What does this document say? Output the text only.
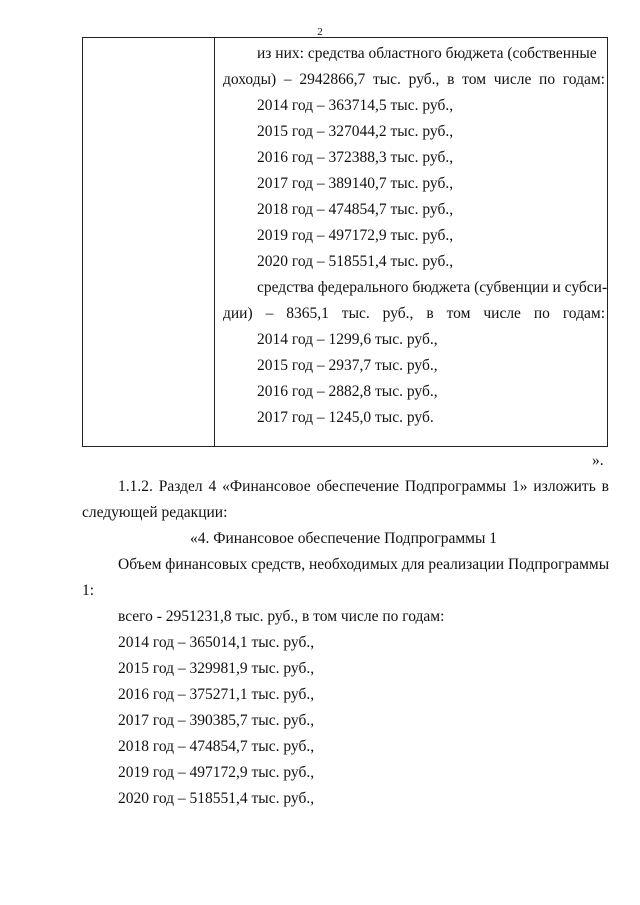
2
из них: средства областного бюджета (собственные
доходы) – 2942866,7 тыс. руб., в том числе по годам:
2014 год – 363714,5 тыс. руб.,
2015 год – 327044,2 тыс. руб.,
2016 год – 372388,3 тыс. руб.,
2017 год – 389140,7 тыс. руб.,
2018 год – 474854,7 тыс. руб.,
2019 год – 497172,9 тыс. руб.,
2020 год – 518551,4 тыс. руб.,
средства федерального бюджета (субвенции и субси-
дии) – 8365,1 тыс. руб., в том числе по годам:
2014 год – 1299,6 тыс. руб.,
2015 год – 2937,7 тыс. руб.,
2016 год – 2882,8 тыс. руб.,
2017 год – 1245,0 тыс. руб.
».
1.1.2. Раздел 4 «Финансовое обеспечение Подпрограммы 1» изложить в
следующей редакции:
«4. Финансовое обеспечение Подпрограммы 1
Объем финансовых средств, необходимых для реализации Подпрограммы
1:
всего - 2951231,8 тыс. руб., в том числе по годам:
2014 год – 365014,1 тыс. руб.,
2015 год – 329981,9 тыс. руб.,
2016 год – 375271,1 тыс. руб.,
2017 год – 390385,7 тыс. руб.,
2018 год – 474854,7 тыс. руб.,
2019 год – 497172,9 тыс. руб.,
2020 год – 518551,4 тыс. руб.,
